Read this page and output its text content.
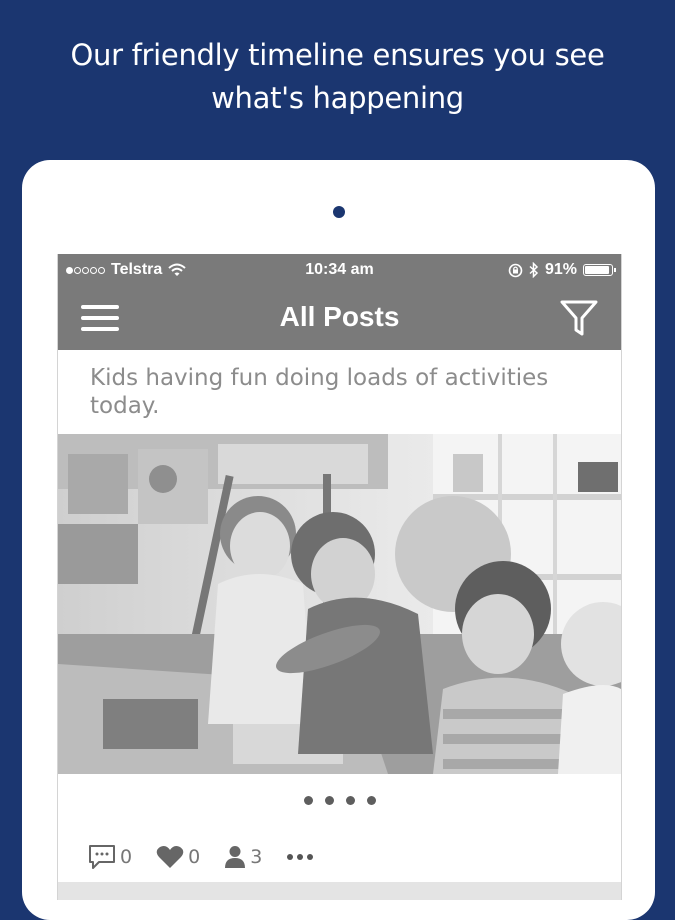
Our friendly timeline ensures you see
what's happening
Telstra	10:34 am	91%
All Posts
Kids having fun doing loads of activities today.
0	0	3
